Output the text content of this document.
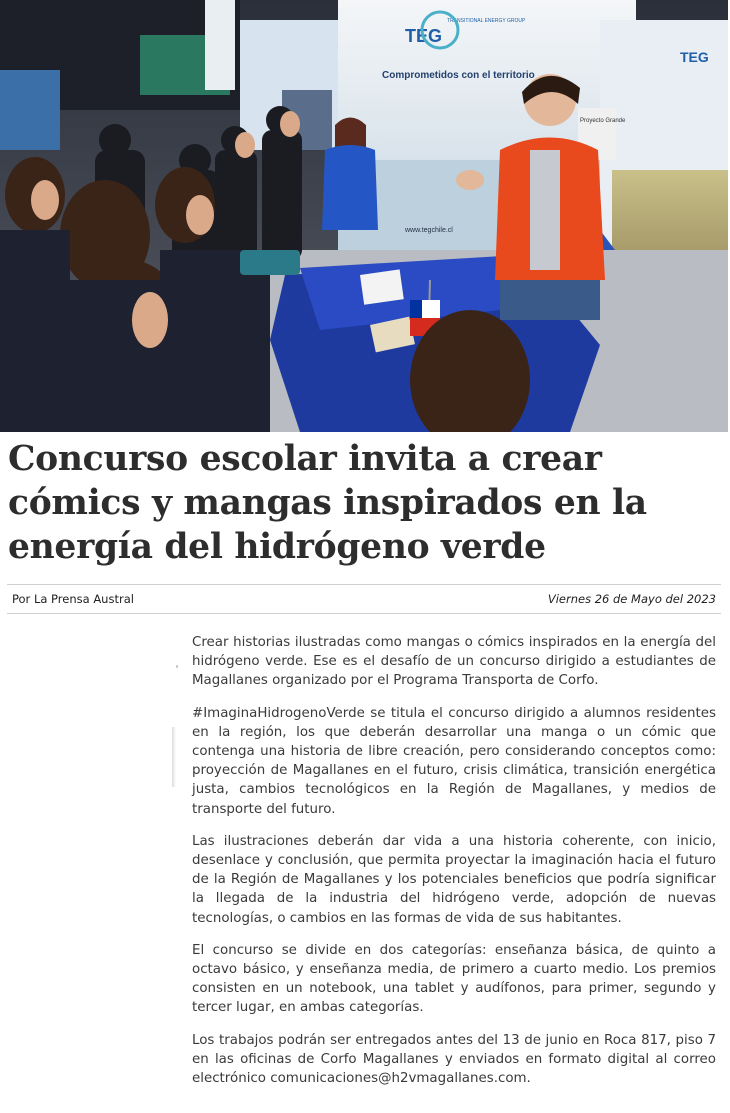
TEG
TRANSITIONAL ENERGY GROUP
Comprometidos con el territorio
www.tegchile.cl
TEG
Proyecto Grande
Concurso escolar invita a crear cómics y mangas inspirados en la energía del hidrógeno verde
Por La Prensa Austral	Viernes 26 de Mayo del 2023

Crear historias ilustradas como mangas o cómics inspirados en la energía del hidrógeno verde. Ese es el desafío de un concurso dirigido a estudiantes de Magallanes organizado por el Programa Transporta de Corfo.

#ImaginaHidrogenoVerde se titula el concurso dirigido a alumnos residentes en la región, los que deberán desarrollar una manga o un cómic que contenga una historia de libre creación, pero considerando conceptos como: proyección de Magallanes en el futuro, crisis climática, transición energética justa, cambios tecnológicos en la Región de Magallanes, y medios de transporte del futuro.

Las ilustraciones deberán dar vida a una historia coherente, con inicio, desenlace y conclusión, que permita proyectar la imaginación hacia el futuro de la Región de Magallanes y los potenciales beneficios que podría significar la llegada de la industria del hidrógeno verde, adopción de nuevas tecnologías, o cambios en las formas de vida de sus habitantes.

El concurso se divide en dos categorías: enseñanza básica, de quinto a octavo básico, y enseñanza media, de primero a cuarto medio. Los premios consisten en un notebook, una tablet y audífonos, para primer, segundo y tercer lugar, en ambas categorías.

Los trabajos podrán ser entregados antes del 13 de junio en Roca 817, piso 7 en las oficinas de Corfo Magallanes y enviados en formato digital al correo electrónico comunicaciones@h2vmagallanes.com.
